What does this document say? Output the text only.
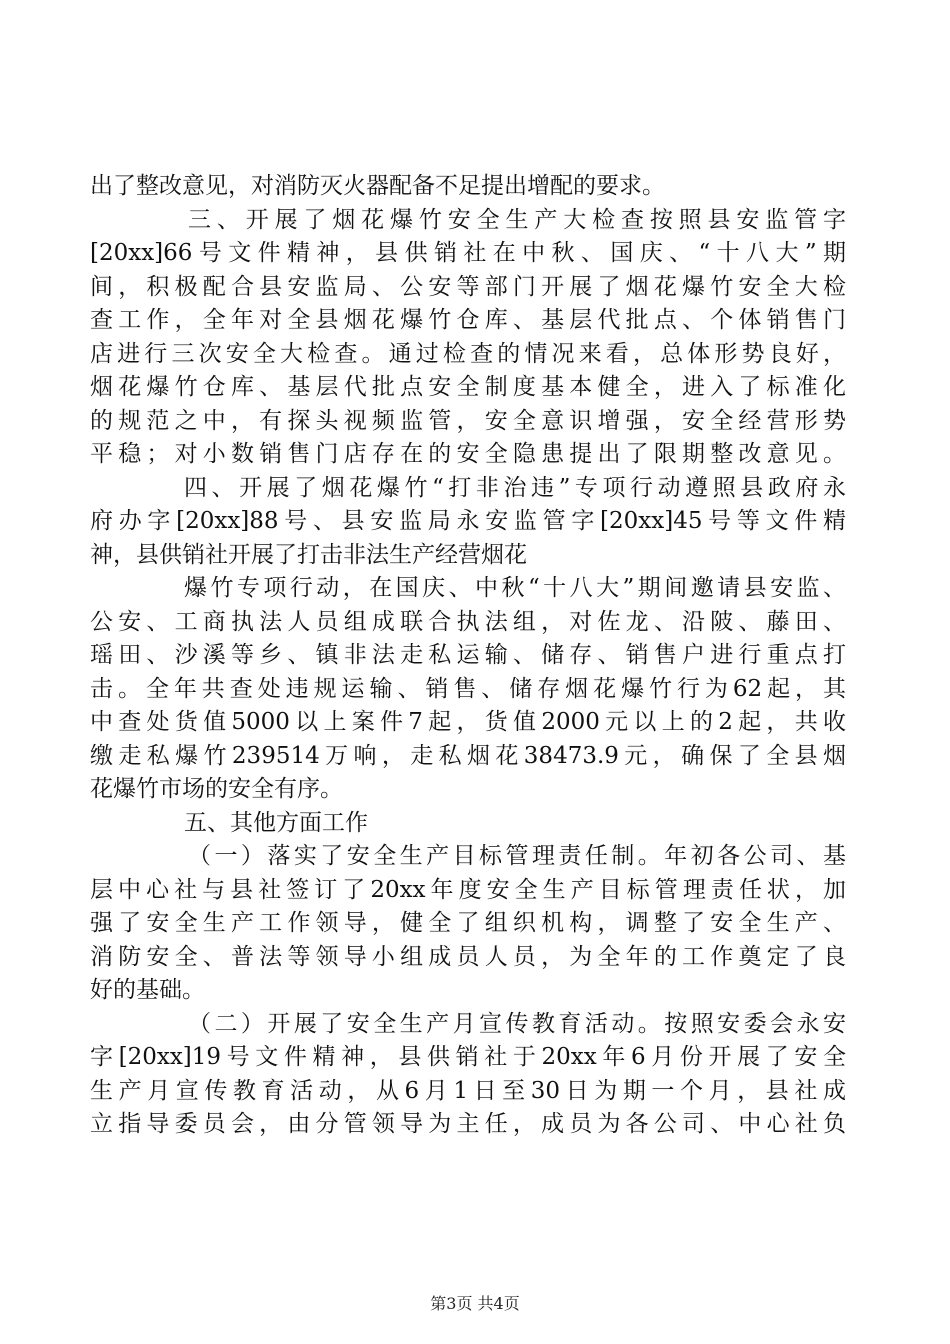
出了整改意见，对消防灭火器配备不足提出增配的要求。

三、开展了烟花爆竹安全生产大检查按照县安监管字

[20xx]66号文件精神，县供销社在中秋、国庆、“十八大”期

间，积极配合县安监局、公安等部门开展了烟花爆竹安全大检

查工作，全年对全县烟花爆竹仓库、基层代批点、个体销售门

店进行三次安全大检查。通过检查的情况来看，总体形势良好，

烟花爆竹仓库、基层代批点安全制度基本健全，进入了标准化

的规范之中，有探头视频监管，安全意识增强，安全经营形势

平稳；对小数销售门店存在的安全隐患提出了限期整改意见。

四、开展了烟花爆竹“打非治违”专项行动遵照县政府永

府办字[20xx]88号、县安监局永安监管字[20xx]45号等文件精

神，县供销社开展了打击非法生产经营烟花

爆竹专项行动，在国庆、中秋“十八大”期间邀请县安监、

公安、工商执法人员组成联合执法组，对佐龙、沿陂、藤田、

瑶田、沙溪等乡、镇非法走私运输、储存、销售户进行重点打

击。全年共查处违规运输、销售、储存烟花爆竹行为62起，其

中查处货值5000以上案件7起，货值2000元以上的2起，共收

缴走私爆竹239514万响，走私烟花38473.9元，确保了全县烟

花爆竹市场的安全有序。

五、其他方面工作

（一）落实了安全生产目标管理责任制。年初各公司、基

层中心社与县社签订了20xx年度安全生产目标管理责任状，加

强了安全生产工作领导，健全了组织机构，调整了安全生产、

消防安全、普法等领导小组成员人员，为全年的工作奠定了良

好的基础。

（二）开展了安全生产月宣传教育活动。按照安委会永安

字[20xx]19号文件精神，县供销社于20xx年6月份开展了安全

生产月宣传教育活动，从6月1日至30日为期一个月，县社成

立指导委员会，由分管领导为主任，成员为各公司、中心社负

第3页 共4页
